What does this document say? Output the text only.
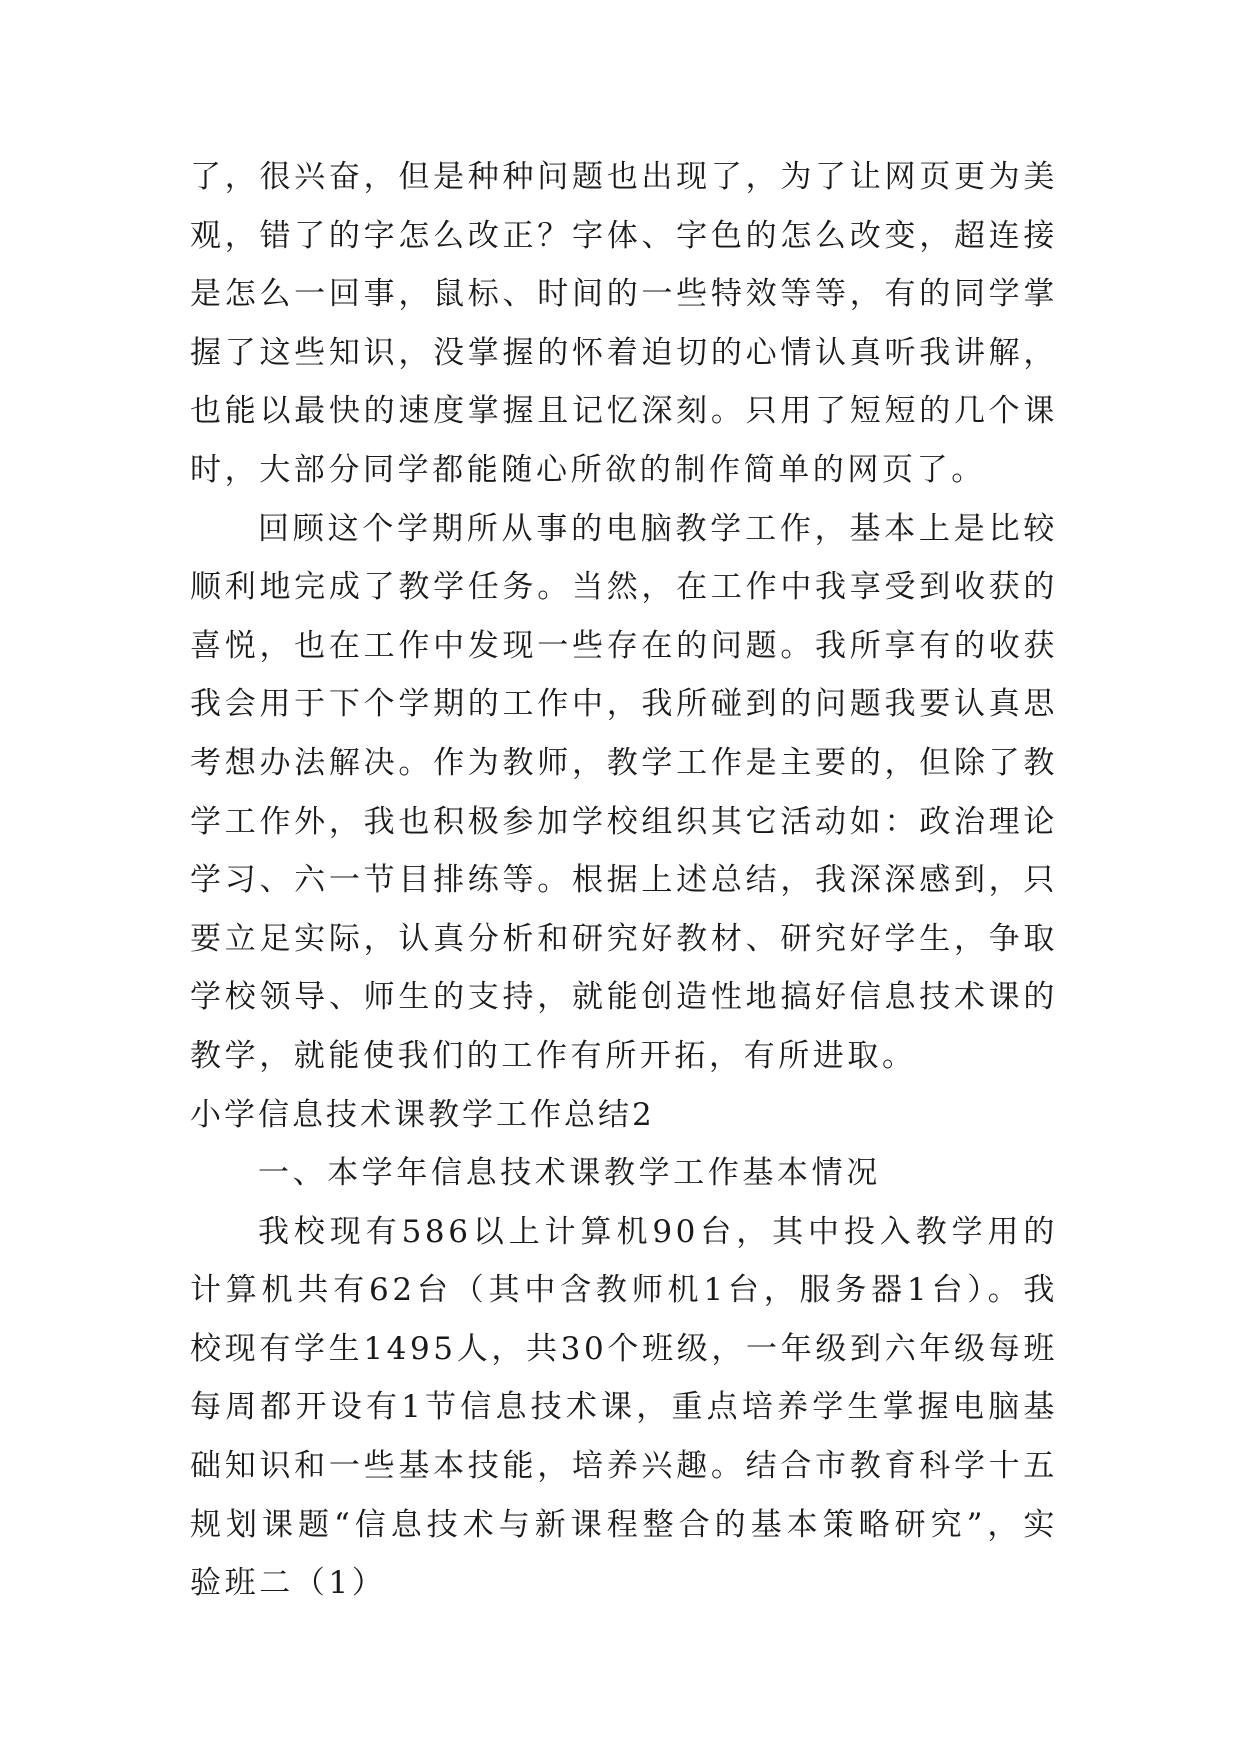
了，很兴奋，但是种种问题也出现了，为了让网页更为美观，错了的字怎么改正？字体、字色的怎么改变，超连接是怎么一回事，鼠标、时间的一些特效等等，有的同学掌握了这些知识，没掌握的怀着迫切的心情认真听我讲解，也能以最快的速度掌握且记忆深刻。只用了短短的几个课时，大部分同学都能随心所欲的制作简单的网页了。

回顾这个学期所从事的电脑教学工作，基本上是比较顺利地完成了教学任务。当然，在工作中我享受到收获的喜悦，也在工作中发现一些存在的问题。我所享有的收获我会用于下个学期的工作中，我所碰到的问题我要认真思考想办法解决。作为教师，教学工作是主要的，但除了教学工作外，我也积极参加学校组织其它活动如：政治理论学习、六一节目排练等。根据上述总结，我深深感到，只要立足实际，认真分析和研究好教材、研究好学生，争取学校领导、师生的支持，就能创造性地搞好信息技术课的教学，就能使我们的工作有所开拓，有所进取。

小学信息技术课教学工作总结2

一、本学年信息技术课教学工作基本情况

我校现有586以上计算机90台，其中投入教学用的计算机共有62台（其中含教师机1台，服务器1台）。我校现有学生1495人，共30个班级，一年级到六年级每班每周都开设有1节信息技术课，重点培养学生掌握电脑基础知识和一些基本技能，培养兴趣。结合市教育科学十五规划课题“信息技术与新课程整合的基本策略研究”，实验班二（1）
